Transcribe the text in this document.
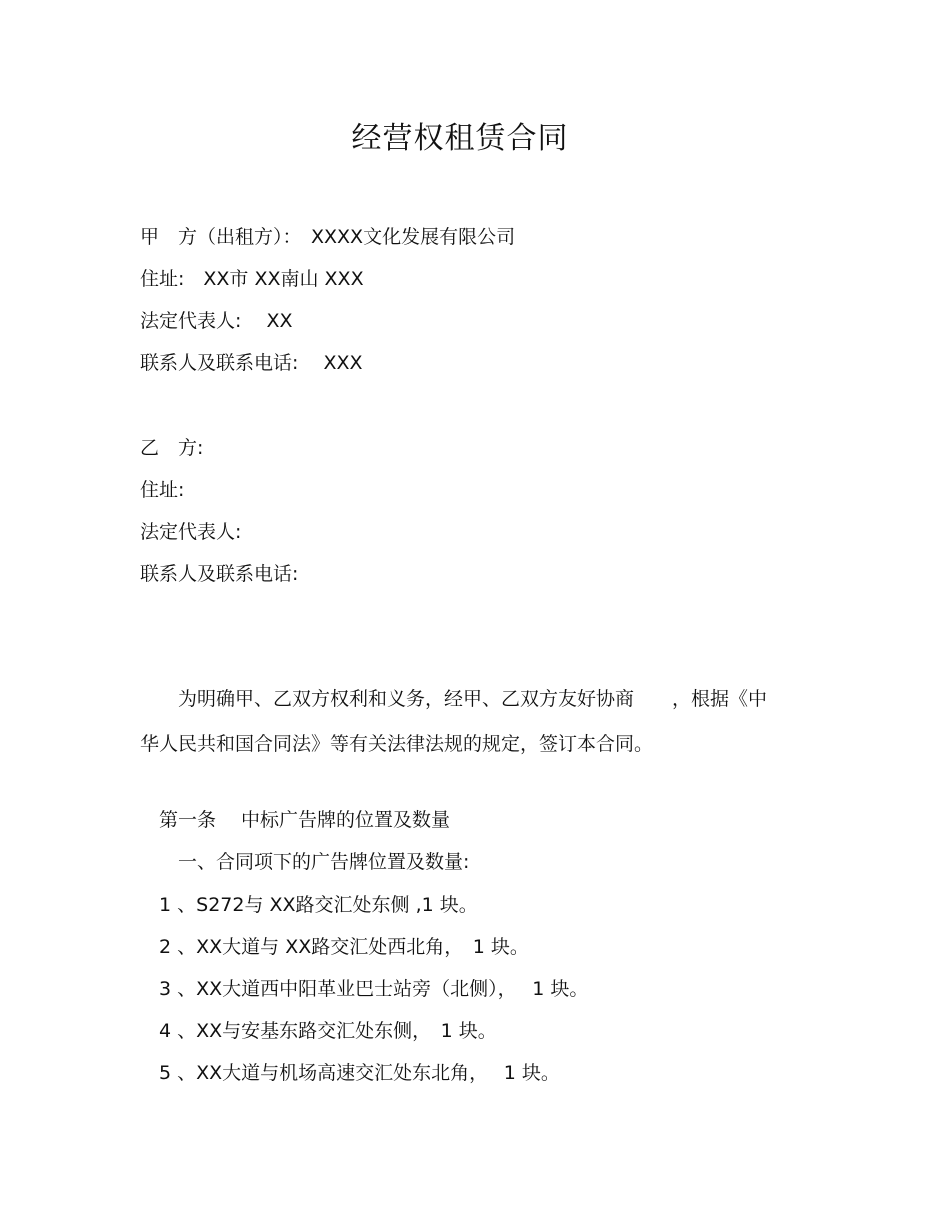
经营权租赁合同
甲　方（出租方）：　XXXX文化发展有限公司
住址:　XX市 XX南山 XXX
法定代表人:　 XX
联系人及联系电话:　 XXX
乙　方:
住址:
法定代表人:
联系人及联系电话:
　　为明确甲、乙双方权利和义务，经甲、乙双方友好协商　　，根据《中
华人民共和国合同法》等有关法律法规的规定，签订本合同。
　第一条　 中标广告牌的位置及数量
　　一、合同项下的广告牌位置及数量:
　1 、S272与 XX路交汇处东侧 ,1 块。
　2 、XX大道与 XX路交汇处西北角，　1 块。
　3 、XX大道西中阳革业巴士站旁（北侧），　 1 块。
　4 、XX与安基东路交汇处东侧，　1 块。
　5 、XX大道与机场高速交汇处东北角，　 1 块。
